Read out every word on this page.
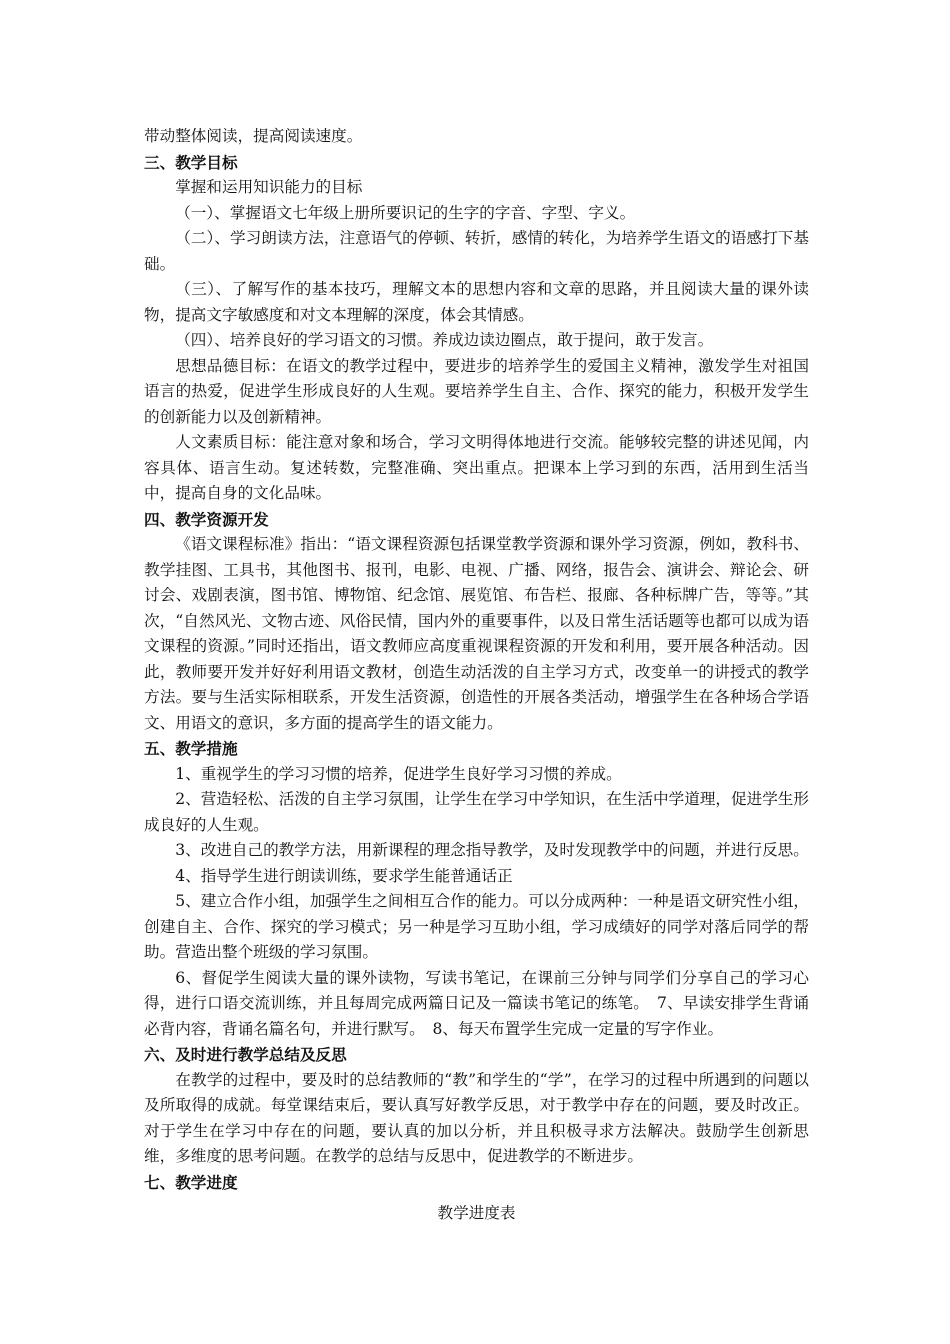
带动整体阅读，提高阅读速度。

三、教学目标

掌握和运用知识能力的目标

（一）、掌握语文七年级上册所要识记的生字的字音、字型、字义。

（二）、学习朗读方法，注意语气的停顿、转折，感情的转化，为培养学生语文的语感打下基础。

（三）、了解写作的基本技巧，理解文本的思想内容和文章的思路，并且阅读大量的课外读物，提高文字敏感度和对文本理解的深度，体会其情感。

（四）、培养良好的学习语文的习惯。养成边读边圈点，敢于提问，敢于发言。

思想品德目标：在语文的教学过程中，要进步的培养学生的爱国主义精神，激发学生对祖国语言的热爱，促进学生形成良好的人生观。要培养学生自主、合作、探究的能力，积极开发学生的创新能力以及创新精神。

人文素质目标：能注意对象和场合，学习文明得体地进行交流。能够较完整的讲述见闻，内容具体、语言生动。复述转数，完整准确、突出重点。把课本上学习到的东西，活用到生活当中，提高自身的文化品味。

四、教学资源开发

《语文课程标准》指出：“语文课程资源包括课堂教学资源和课外学习资源，例如，教科书、教学挂图、工具书，其他图书、报刊，电影、电视、广播、网络，报告会、演讲会、辩论会、研讨会、戏剧表演，图书馆、博物馆、纪念馆、展览馆、布告栏、报廊、各种标牌广告，等等。”其次，“自然风光、文物古迹、风俗民情，国内外的重要事件，以及日常生活话题等也都可以成为语文课程的资源。”同时还指出，语文教师应高度重视课程资源的开发和利用，要开展各种活动。因此，教师要开发并好好利用语文教材，创造生动活泼的自主学习方式，改变单一的讲授式的教学方法。要与生活实际相联系，开发生活资源，创造性的开展各类活动，增强学生在各种场合学语文、用语文的意识，多方面的提高学生的语文能力。

五、教学措施

1、重视学生的学习习惯的培养，促进学生良好学习习惯的养成。

2、营造轻松、活泼的自主学习氛围，让学生在学习中学知识，在生活中学道理，促进学生形成良好的人生观。

3、改进自己的教学方法，用新课程的理念指导教学，及时发现教学中的问题，并进行反思。

4、指导学生进行朗读训练，要求学生能普通话正

5、建立合作小组，加强学生之间相互合作的能力。可以分成两种：一种是语文研究性小组，创建自主、合作、探究的学习模式；另一种是学习互助小组，学习成绩好的同学对落后同学的帮助。营造出整个班级的学习氛围。

6、督促学生阅读大量的课外读物，写读书笔记，在课前三分钟与同学们分享自己的学习心得，进行口语交流训练，并且每周完成两篇日记及一篇读书笔记的练笔。　7、早读安排学生背诵必背内容，背诵名篇名句，并进行默写。　8、每天布置学生完成一定量的写字作业。

六、及时进行教学总结及反思

在教学的过程中，要及时的总结教师的“教”和学生的“学”，在学习的过程中所遇到的问题以及所取得的成就。每堂课结束后，要认真写好教学反思，对于教学中存在的问题，要及时改正。对于学生在学习中存在的问题，要认真的加以分析，并且积极寻求方法解决。鼓励学生创新思维，多维度的思考问题。在教学的总结与反思中，促进教学的不断进步。

七、教学进度

教学进度表
